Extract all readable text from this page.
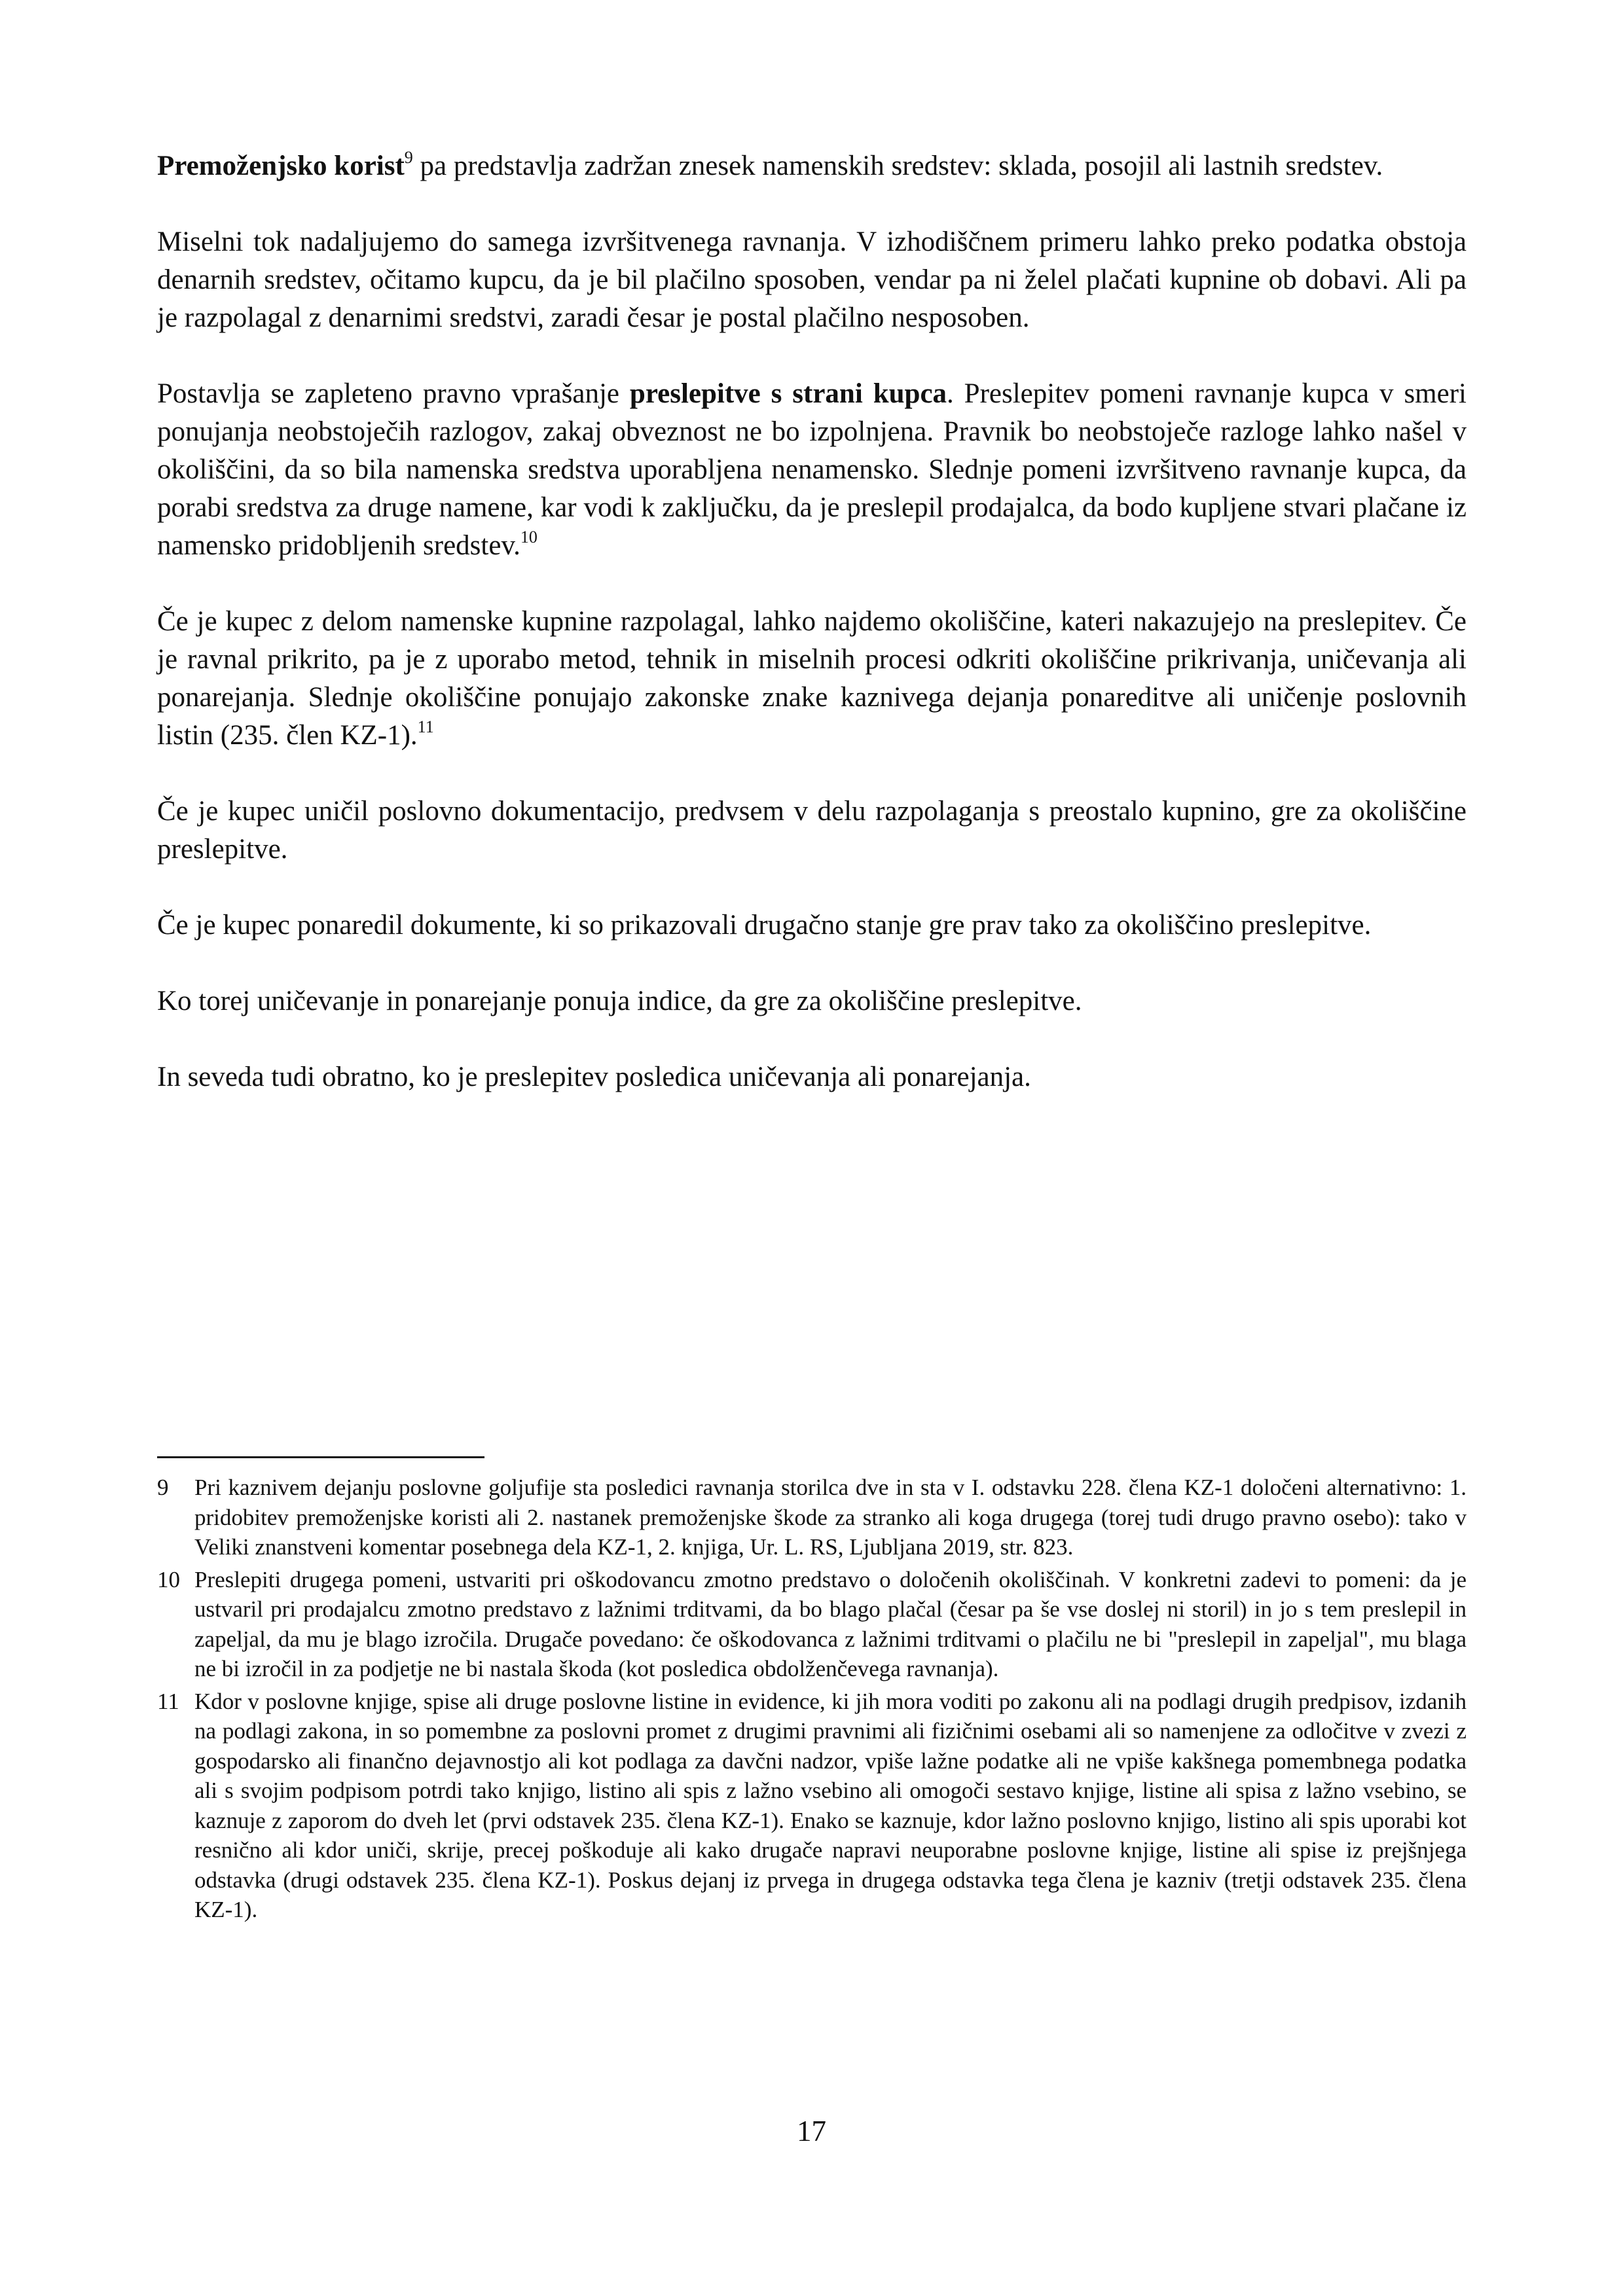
Premoženjsko korist$^9$ pa predstavlja zadržan znesek namenskih sredstev: sklada, posojil ali lastnih sredstev.

Miselni tok nadaljujemo do samega izvršitvenega ravnanja. V izhodiščnem primeru lahko preko podatka obstoja denarnih sredstev, očitamo kupcu, da je bil plačilno sposoben, vendar pa ni želel plačati kupnine ob dobavi. Ali pa je razpolagal z denarnimi sredstvi, zaradi česar je postal plačilno nesposoben.

Postavlja se zapleteno pravno vprašanje preslepitve s strani kupca. Preslepitev pomeni ravnanje kupca v smeri ponujanja neobstoječih razlogov, zakaj obveznost ne bo izpolnjena. Pravnik bo neobstoječe razloge lahko našel v okoliščini, da so bila namenska sredstva uporabljena nenamensko. Slednje pomeni izvršitveno ravnanje kupca, da porabi sredstva za druge namene, kar vodi k zaključku, da je preslepil prodajalca, da bodo kupljene stvari plačane iz namensko pridobljenih sredstev.$^{10}$

Če je kupec z delom namenske kupnine razpolagal, lahko najdemo okoliščine, kateri nakazujejo na preslepitev. Če je ravnal prikrito, pa je z uporabo metod, tehnik in miselnih procesi odkriti okoliščine prikrivanja, uničevanja ali ponarejanja. Slednje okoliščine ponujajo zakonske znake kaznivega dejanja ponareditve ali uničenje poslovnih listin (235. člen KZ-1).$^{11}$

Če je kupec uničil poslovno dokumentacijo, predvsem v delu razpolaganja s preostalo kupnino, gre za okoliščine preslepitve.

Če je kupec ponaredil dokumente, ki so prikazovali drugačno stanje gre prav tako za okoliščino preslepitve.

Ko torej uničevanje in ponarejanje ponuja indice, da gre za okoliščine preslepitve.

In seveda tudi obratno, ko je preslepitev posledica uničevanja ali ponarejanja.

9	Pri kaznivem dejanju poslovne goljufije sta posledici ravnanja storilca dve in sta v I. odstavku 228. člena KZ-1 določeni alternativno: 1. pridobitev premoženjske koristi ali 2. nastanek premoženjske škode za stranko ali koga drugega (torej tudi drugo pravno osebo): tako v Veliki znanstveni komentar posebnega dela KZ-1, 2. knjiga, Ur. L. RS, Ljubljana 2019, str. 823.
10 Preslepiti drugega pomeni, ustvariti pri oškodovancu zmotno predstavo o določenih okoliščinah. V konkretni zadevi to pomeni: da je ustvaril pri prodajalcu zmotno predstavo z lažnimi trditvami, da bo blago plačal (česar pa še vse doslej ni storil) in jo s tem preslepil in zapeljal, da mu je blago izročila. Drugače povedano: če oškodovanca z lažnimi trditvami o plačilu ne bi "preslepil in zapeljal", mu blaga ne bi izročil in za podjetje ne bi nastala škoda (kot posledica obdolženčevega ravnanja).
11 Kdor v poslovne knjige, spise ali druge poslovne listine in evidence, ki jih mora voditi po zakonu ali na podlagi drugih predpisov, izdanih na podlagi zakona, in so pomembne za poslovni promet z drugimi pravnimi ali fizičnimi osebami ali so namenjene za odločitve v zvezi z gospodarsko ali finančno dejavnostjo ali kot podlaga za davčni nadzor, vpiše lažne podatke ali ne vpiše kakšnega pomembnega podatka ali s svojim podpisom potrdi tako knjigo, listino ali spis z lažno vsebino ali omogoči sestavo knjige, listine ali spisa z lažno vsebino, se kaznuje z zaporom do dveh let (prvi odstavek 235. člena KZ-1). Enako se kaznuje, kdor lažno poslovno knjigo, listino ali spis uporabi kot resnično ali kdor uniči, skrije, precej poškoduje ali kako drugače napravi neuporabne poslovne knjige, listine ali spise iz prejšnjega odstavka (drugi odstavek 235. člena KZ-1). Poskus dejanj iz prvega in drugega odstavka tega člena je kazniv (tretji odstavek 235. člena KZ-1).
17
